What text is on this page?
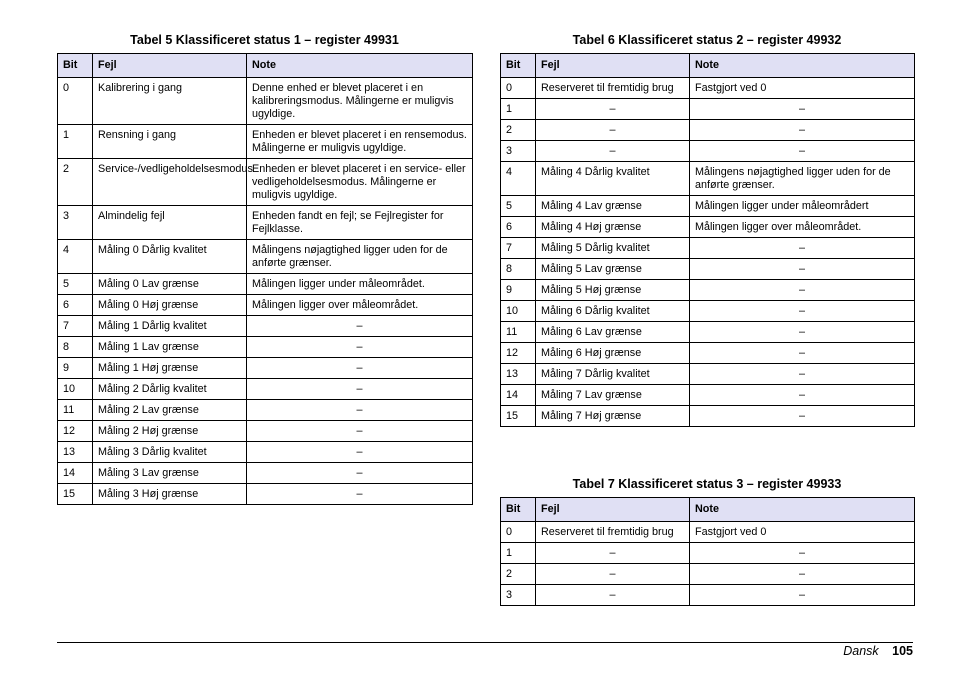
Tabel 5 Klassificeret status 1 – register 49931
Bit	Fejl	Note
0	Kalibrering i gang	Denne enhed er blevet placeret i en kalibreringsmodus. Målingerne er muligvis ugyldige.
1	Rensning i gang	Enheden er blevet placeret i en rensemodus. Målingerne er muligvis ugyldige.
2	Service-/vedligeholdelsesmodus	Enheden er blevet placeret i en service- eller vedligeholdelsesmodus. Målingerne er muligvis ugyldige.
3	Almindelig fejl	Enheden fandt en fejl; se Fejlregister for Fejlklasse.
4	Måling 0 Dårlig kvalitet	Målingens nøjagtighed ligger uden for de anførte grænser.
5	Måling 0 Lav grænse	Målingen ligger under måleområdet.
6	Måling 0 Høj grænse	Målingen ligger over måleområdet.
7	Måling 1 Dårlig kvalitet	–
8	Måling 1 Lav grænse	–
9	Måling 1 Høj grænse	–
10	Måling 2 Dårlig kvalitet	–
11	Måling 2 Lav grænse	–
12	Måling 2 Høj grænse	–
13	Måling 3 Dårlig kvalitet	–
14	Måling 3 Lav grænse	–
15	Måling 3 Høj grænse	–
Tabel 6 Klassificeret status 2 – register 49932
Bit	Fejl	Note
0	Reserveret til fremtidig brug	Fastgjort ved 0
1	–	–
2	–	–
3	–	–
4	Måling 4 Dårlig kvalitet	Målingens nøjagtighed ligger uden for de anførte grænser.
5	Måling 4 Lav grænse	Målingen ligger under måleområdert
6	Måling 4 Høj grænse	Målingen ligger over måleområdet.
7	Måling 5 Dårlig kvalitet	–
8	Måling 5 Lav grænse	–
9	Måling 5 Høj grænse	–
10	Måling 6 Dårlig kvalitet	–
11	Måling 6 Lav grænse	–
12	Måling 6 Høj grænse	–
13	Måling 7 Dårlig kvalitet	–
14	Måling 7 Lav grænse	–
15	Måling 7 Høj grænse	–
Tabel 7 Klassificeret status 3 – register 49933
Bit	Fejl	Note
0	Reserveret til fremtidig brug	Fastgjort ved 0
1	–	–
2	–	–
3	–	–
Dansk 105
